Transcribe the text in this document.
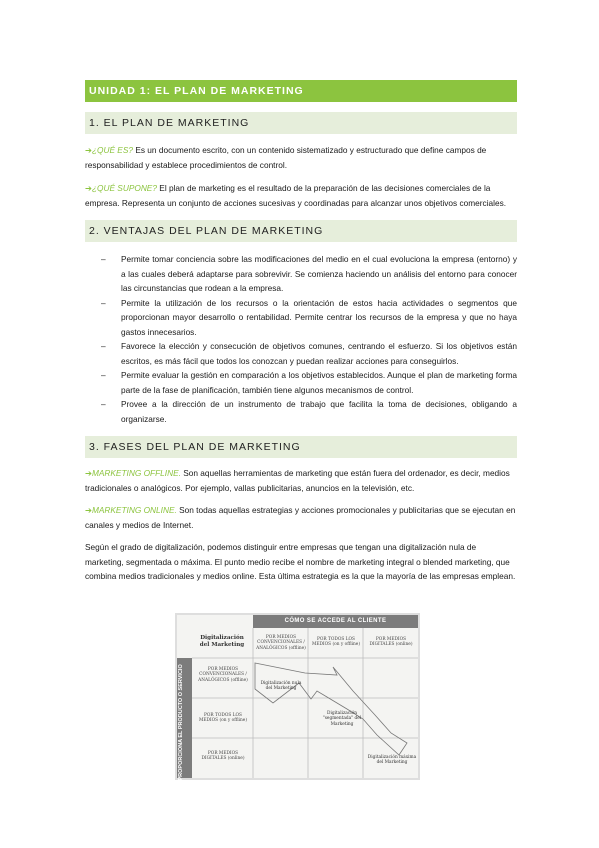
UNIDAD 1: EL PLAN DE MARKETING
1. EL PLAN DE MARKETING

➔¿QUÉ ES? Es un documento escrito, con un contenido sistematizado y estructurado que define campos de responsabilidad y establece procedimientos de control.

➔¿QUÉ SUPONE? El plan de marketing es el resultado de la preparación de las decisiones comerciales de la empresa. Representa un conjunto de acciones sucesivas y coordinadas para alcanzar unos objetivos comerciales.

2. VENTAJAS DEL PLAN DE MARKETING
– Permite tomar conciencia sobre las modificaciones del medio en el cual evoluciona la empresa (entorno) y a las cuales deberá adaptarse para sobrevivir. Se comienza haciendo un análisis del entorno para conocer las circunstancias que rodean a la empresa.
– Permite la utilización de los recursos o la orientación de estos hacia actividades o segmentos que proporcionan mayor desarrollo o rentabilidad. Permite centrar los recursos de la empresa y que no haya gastos innecesarios.
– Favorece la elección y consecución de objetivos comunes, centrando el esfuerzo. Si los objetivos están escritos, es más fácil que todos los conozcan y puedan realizar acciones para conseguirlos.
– Permite evaluar la gestión en comparación a los objetivos establecidos. Aunque el plan de marketing forma parte de la fase de planificación, también tiene algunos mecanismos de control.
– Provee a la dirección de un instrumento de trabajo que facilita la toma de decisiones, obligando a organizarse.
3. FASES DEL PLAN DE MARKETING

➔MARKETING OFFLINE. Son aquellas herramientas de marketing que están fuera del ordenador, es decir, medios tradicionales o analógicos. Por ejemplo, vallas publicitarias, anuncios en la televisión, etc.

➔MARKETING ONLINE. Son todas aquellas estrategias y acciones promocionales y publicitarias que se ejecutan en canales y medios de Internet.

Según el grado de digitalización, podemos distinguir entre empresas que tengan una digitalización nula de marketing, segmentada o máxima. El punto medio recibe el nombre de marketing integral o blended marketing, que combina medios tradicionales y medios online. Esta última estrategia es la que la mayoría de las empresas emplean.

CÓMO SE ACCEDE AL CLIENTE
CÓMO SE PROPORCIONA EL PRODUCTO O SERVICIO
Digitalización del Marketing
POR MEDIOS CONVENCIONALES / ANALÓGICOS (offline)
POR TODOS LOS MEDIOS (on y offline)
POR MEDIOS DIGITALES (online)
POR MEDIOS CONVENCIONALES / ANALÓGICOS (offline)
POR TODOS LOS MEDIOS (on y offline)
POR MEDIOS DIGITALES (online)
Digitalización nula del Marketing
Digitalización "segmentada" del Marketing
Digitalización máxima del Marketing
